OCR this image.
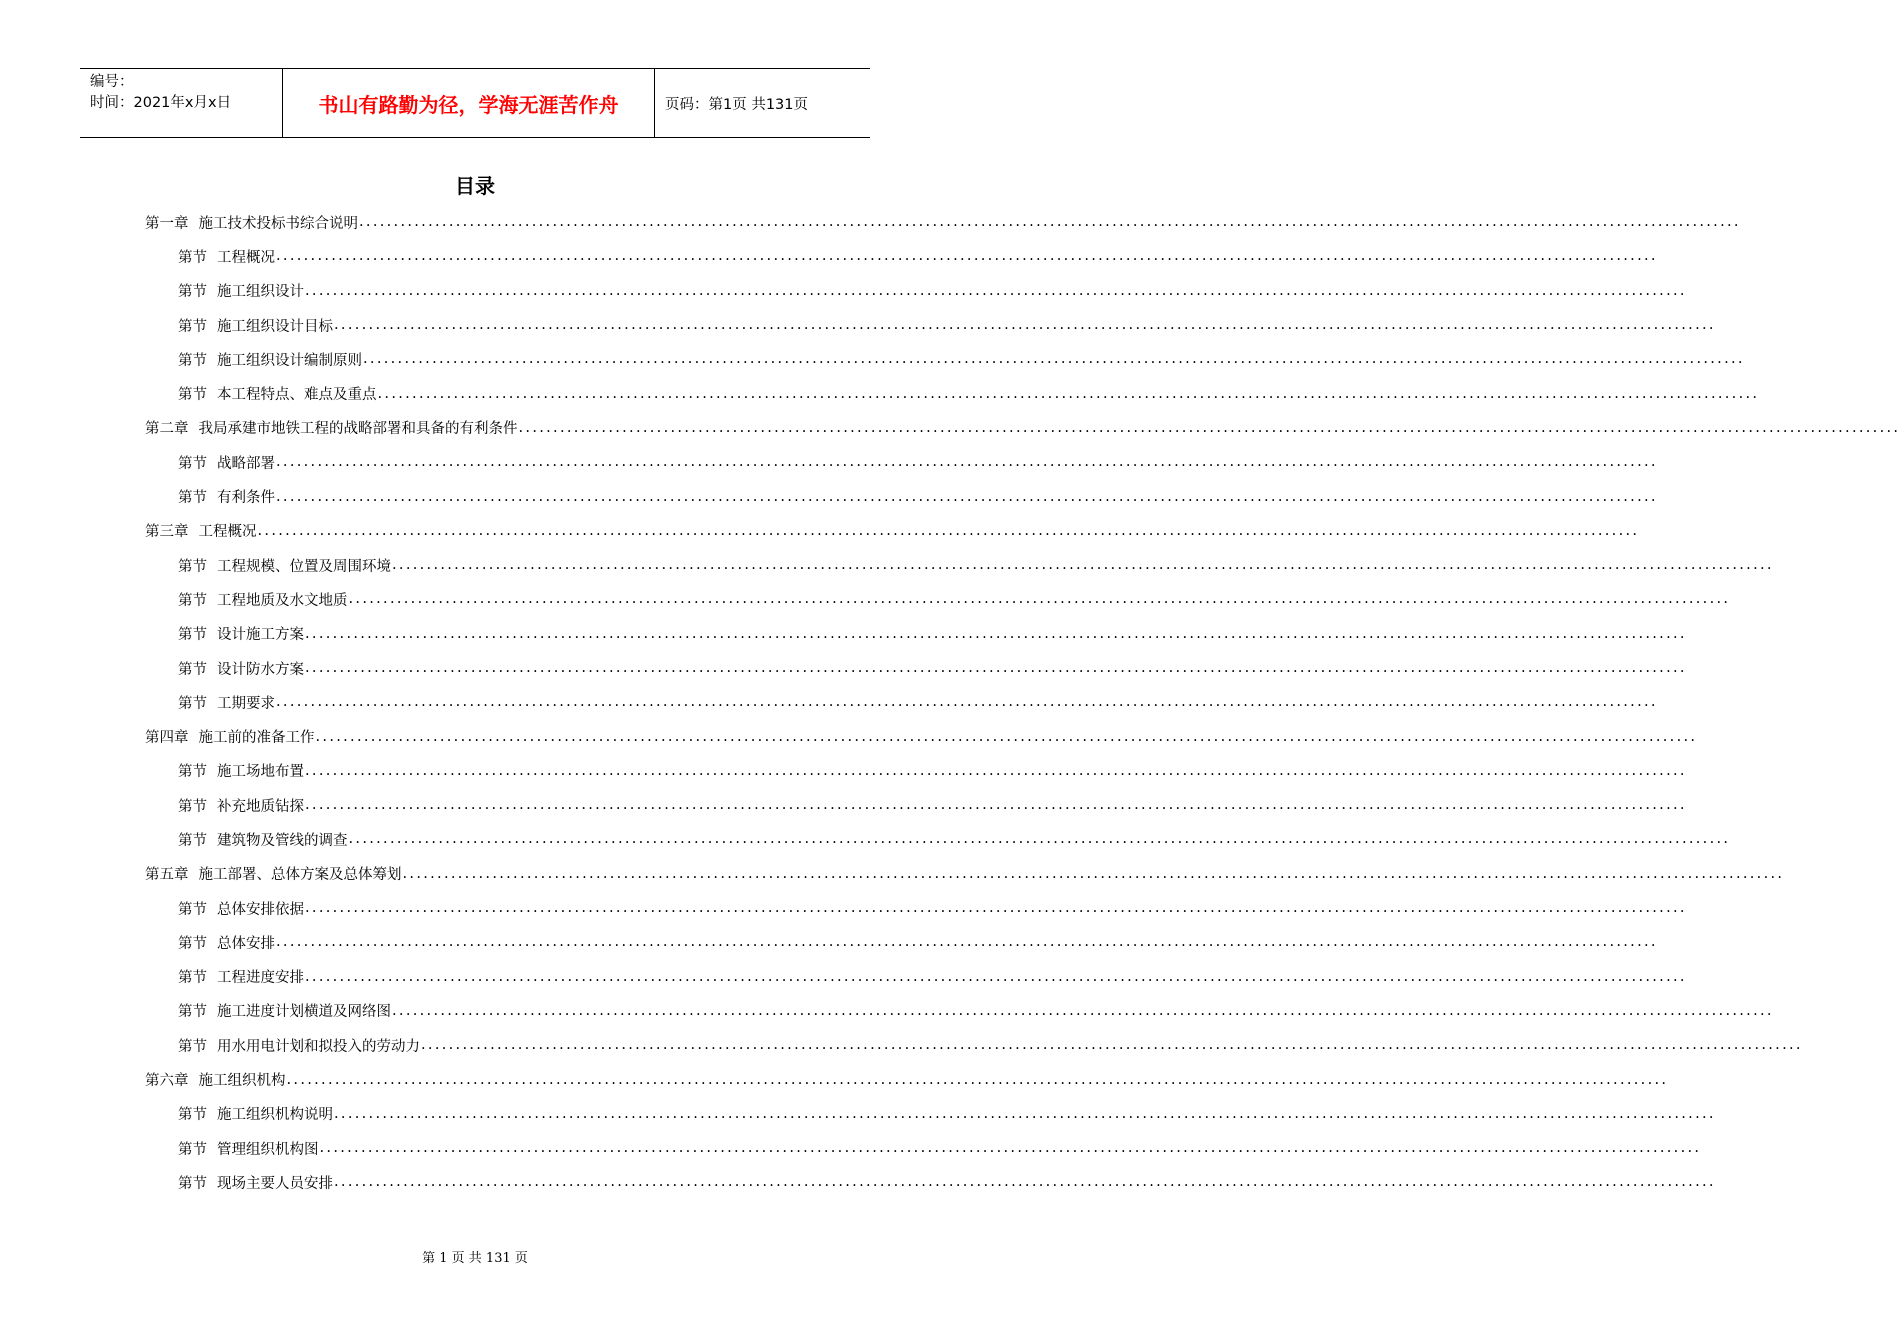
编号：
时间：2021年x月x日	书山有路勤为径，学海无涯苦作舟	页码：第1页 共131页
目录
第一章 施工技术投标书综合说明 ........................................................................................................................................................................................................
第节 工程概况 ........................................................................................................................................................................................................
第节 施工组织设计 ........................................................................................................................................................................................................
第节 施工组织设计目标 ........................................................................................................................................................................................................
第节 施工组织设计编制原则 ........................................................................................................................................................................................................
第节 本工程特点、难点及重点 ........................................................................................................................................................................................................
第二章 我局承建市地铁工程的战略部署和具备的有利条件 ........................................................................................................................................................................................................
第节 战略部署 ........................................................................................................................................................................................................
第节 有利条件 ........................................................................................................................................................................................................
第三章 工程概况 ........................................................................................................................................................................................................
第节 工程规模、位置及周围环境 ........................................................................................................................................................................................................
第节 工程地质及水文地质 ........................................................................................................................................................................................................
第节 设计施工方案 ........................................................................................................................................................................................................
第节 设计防水方案 ........................................................................................................................................................................................................
第节 工期要求 ........................................................................................................................................................................................................
第四章 施工前的准备工作 ........................................................................................................................................................................................................
第节 施工场地布置 ........................................................................................................................................................................................................
第节 补充地质钻探 ........................................................................................................................................................................................................
第节 建筑物及管线的调查 ........................................................................................................................................................................................................
第五章 施工部署、总体方案及总体筹划 ........................................................................................................................................................................................................
第节 总体安排依据 ........................................................................................................................................................................................................
第节 总体安排 ........................................................................................................................................................................................................
第节 工程进度安排 ........................................................................................................................................................................................................
第节 施工进度计划横道及网络图 ........................................................................................................................................................................................................
第节 用水用电计划和拟投入的劳动力 ........................................................................................................................................................................................................
第六章 施工组织机构 ........................................................................................................................................................................................................
第节 施工组织机构说明 ........................................................................................................................................................................................................
第节 管理组织机构图 ........................................................................................................................................................................................................
第节 现场主要人员安排 ........................................................................................................................................................................................................
第 1 页 共 131 页
